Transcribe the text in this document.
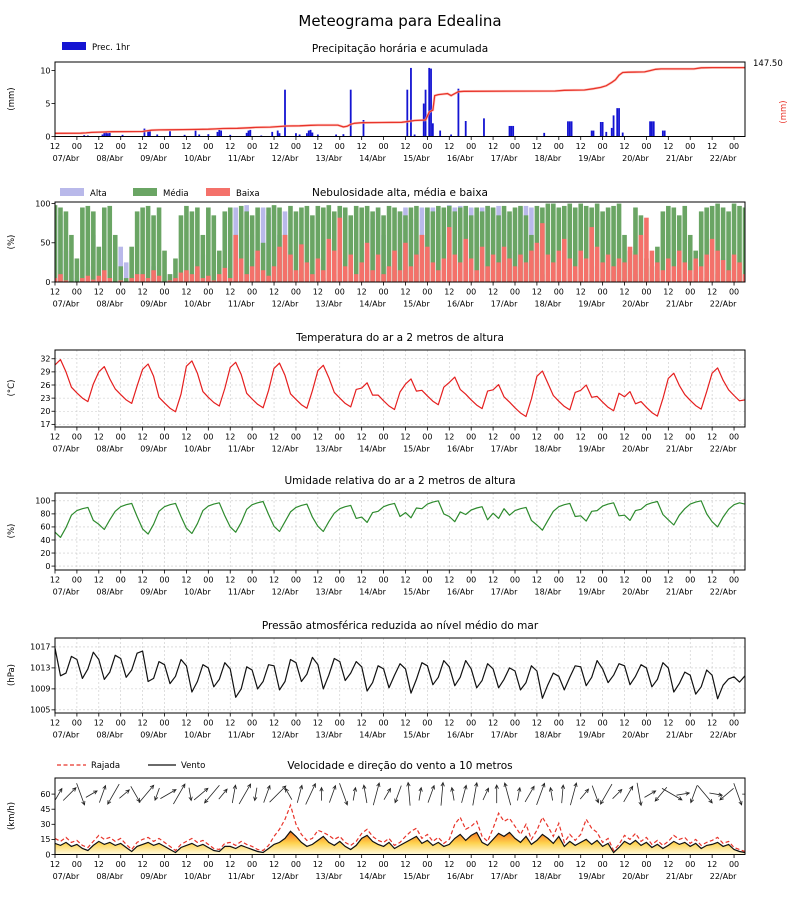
Meteograma para Edealina
Prec. 1hr	Precipitação horária e acumulada
(mm)
147.50
(mm)
Alta	Média	Baixa	Nebulosidade alta, média e baixa
(%)
Temperatura do ar a 2 metros de altura
(°C)
Umidade relativa do ar a 2 metros de altura
(%)
Pressão atmosférica reduzida ao nível médio do mar
(hPa)
Rajada	Vento	Velocidade e direção do vento a 10 metros
(km/h)
0
5
10
12 00 12 00 12 00 12 00 12 00 12 00 12 00 12 00 12 00 12 00 12 00 12 00 12 00 12 00 12 00 12 00
07/Abr 08/Abr 09/Abr 10/Abr 11/Abr 12/Abr 13/Abr 14/Abr 15/Abr 16/Abr 17/Abr 18/Abr 19/Abr 20/Abr 21/Abr 22/Abr
0
50
100
12 00 12 00 12 00 12 00 12 00 12 00 12 00 12 00 12 00 12 00 12 00 12 00 12 00 12 00 12 00 12 00
07/Abr 08/Abr 09/Abr 10/Abr 11/Abr 12/Abr 13/Abr 14/Abr 15/Abr 16/Abr 17/Abr 18/Abr 19/Abr 20/Abr 21/Abr 22/Abr
17
20
23
26
29
32
12 00 12 00 12 00 12 00 12 00 12 00 12 00 12 00 12 00 12 00 12 00 12 00 12 00 12 00 12 00 12 00
07/Abr 08/Abr 09/Abr 10/Abr 11/Abr 12/Abr 13/Abr 14/Abr 15/Abr 16/Abr 17/Abr 18/Abr 19/Abr 20/Abr 21/Abr 22/Abr
0
20
40
60
80
100
12 00 12 00 12 00 12 00 12 00 12 00 12 00 12 00 12 00 12 00 12 00 12 00 12 00 12 00 12 00 12 00
07/Abr 08/Abr 09/Abr 10/Abr 11/Abr 12/Abr 13/Abr 14/Abr 15/Abr 16/Abr 17/Abr 18/Abr 19/Abr 20/Abr 21/Abr 22/Abr
1005
1009
1013
1017
12 00 12 00 12 00 12 00 12 00 12 00 12 00 12 00 12 00 12 00 12 00 12 00 12 00 12 00 12 00 12 00
07/Abr 08/Abr 09/Abr 10/Abr 11/Abr 12/Abr 13/Abr 14/Abr 15/Abr 16/Abr 17/Abr 18/Abr 19/Abr 20/Abr 21/Abr 22/Abr
0
15
30
45
60
12 00 12 00 12 00 12 00 12 00 12 00 12 00 12 00 12 00 12 00 12 00 12 00 12 00 12 00 12 00 12 00
07/Abr 08/Abr 09/Abr 10/Abr 11/Abr 12/Abr 13/Abr 14/Abr 15/Abr 16/Abr 17/Abr 18/Abr 19/Abr 20/Abr 21/Abr 22/Abr
